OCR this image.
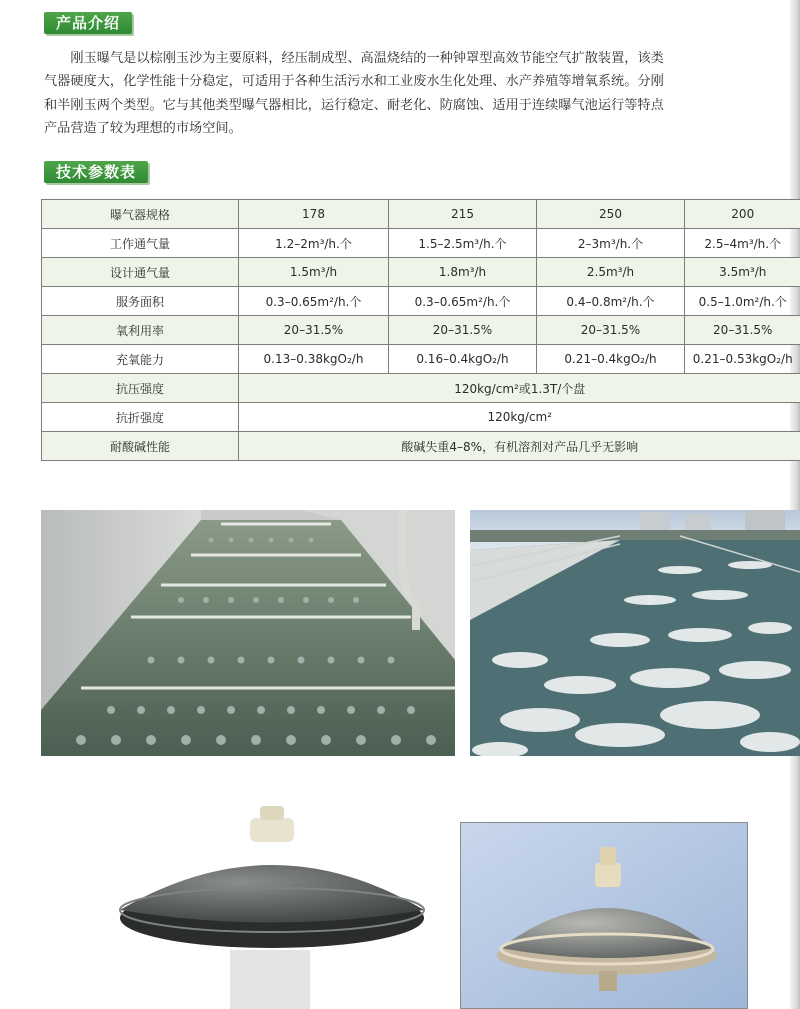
产品介绍

刚玉曝气是以棕刚玉沙为主要原料，经压制成型、高温烧结的一种钟罩型高效节能空气扩散装置，该类

气器硬度大，化学性能十分稳定，可适用于各种生活污水和工业废水生化处理、水产养殖等增氧系统。分刚

和半刚玉两个类型。它与其他类型曝气器相比，运行稳定、耐老化、防腐蚀、适用于连续曝气池运行等特点

产品营造了较为理想的市场空间。

技术参数表
曝气器规格	178	215	250	200
工作通气量	1.2–2m³/h.个	1.5–2.5m³/h.个	2–3m³/h.个	2.5–4m³/h.个
设计通气量	1.5m³/h	1.8m³/h	2.5m³/h	3.5m³/h
服务面积	0.3–0.65m²/h.个	0.3–0.65m²/h.个	0.4–0.8m²/h.个	0.5–1.0m²/h.个
氧利用率	20–31.5%	20–31.5%	20–31.5%	20–31.5%
充氧能力	0.13–0.38kgO₂/h	0.16–0.4kgO₂/h	0.21–0.4kgO₂/h	0.21–0.53kgO₂/h
抗压强度	120kg/cm²或1.3T/个盘			
抗折强度	120kg/cm²			
耐酸碱性能	酸碱失重4–8%，有机溶剂对产品几乎无影响			
